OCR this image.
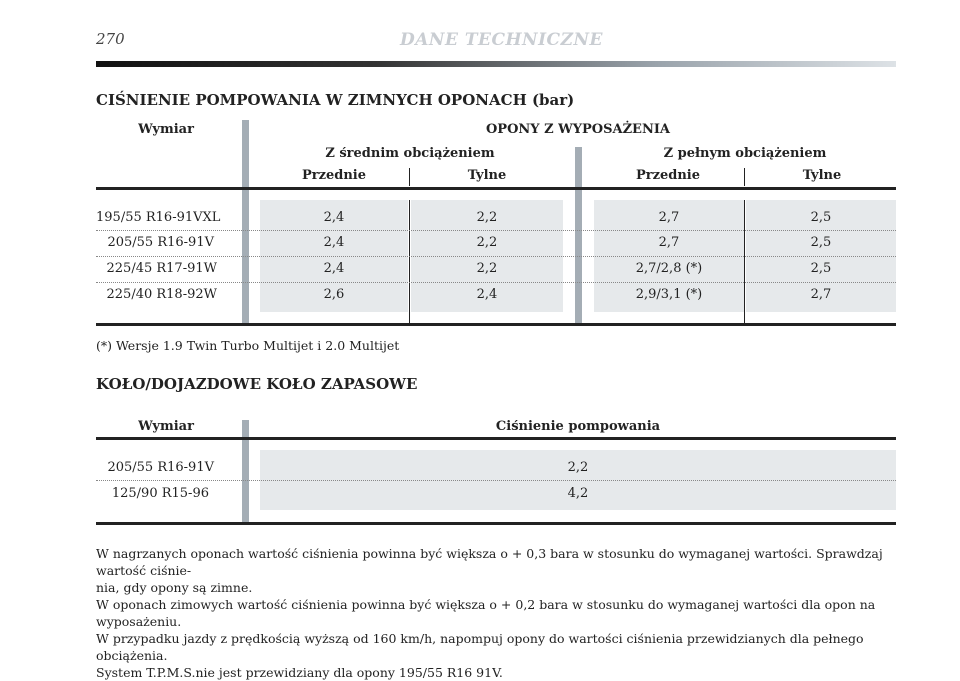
270	DANE TECHNICZNE
CIŚNIENIE POMPOWANIA W ZIMNYCH OPONACH (bar)
Wymiar	OPONY Z WYPOSAŻENIA
Z średnim obciążeniem	Z pełnym obciążeniem
Przednie	Tylne	Przednie	Tylne
195/55 R16-91VXL	2,4	2,2	2,7	2,5
205/55 R16-91V	2,4	2,2	2,7	2,5
225/45 R17-91W	2,4	2,2	2,7/2,8 (*)	2,5
225/40 R18-92W	2,6	2,4	2,9/3,1 (*)	2,7
(*) Wersje 1.9 Twin Turbo Multijet i 2.0 Multijet
KOŁO/DOJAZDOWE KOŁO ZAPASOWE
Wymiar	Ciśnienie pompowania
205/55 R16-91V	2,2
125/90 R15-96	4,2

W nagrzanych oponach wartość ciśnienia powinna być większa o + 0,3 bara w stosunku do wymaganej wartości. Sprawdzaj wartość ciśnie-

nia, gdy opony są zimne.

W oponach zimowych wartość ciśnienia powinna być większa o + 0,2 bara w stosunku do wymaganej wartości dla opon na wyposażeniu.

W przypadku jazdy z prędkością wyższą od 160 km/h, napompuj opony do wartości ciśnienia przewidzianych dla pełnego obciążenia.

System T.P.M.S.nie jest przewidziany dla opony 195/55 R16 91V.
